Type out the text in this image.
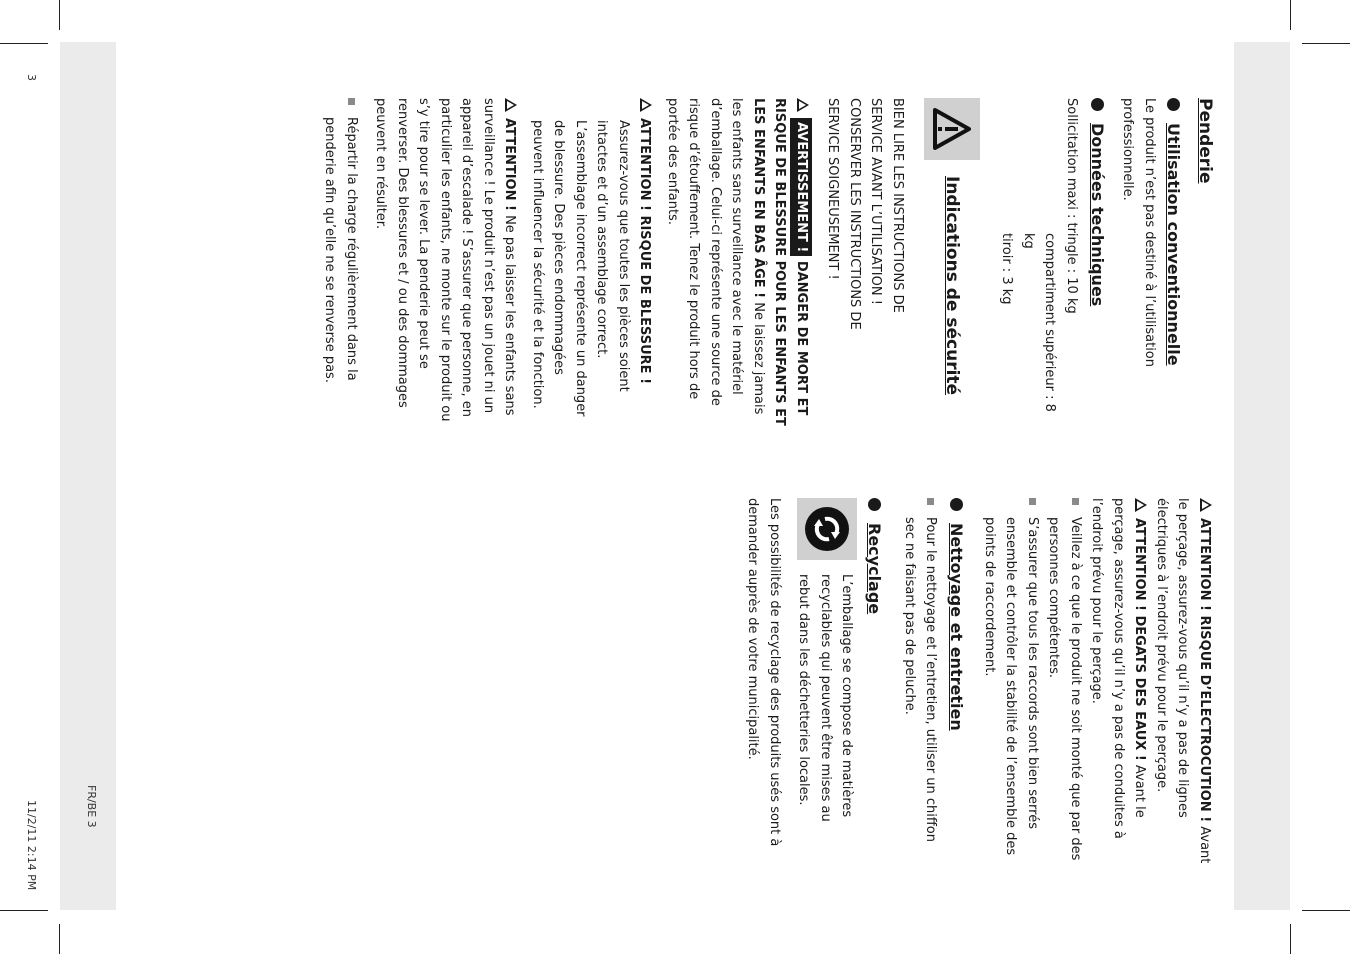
3
FR/BE 3
11/2/11 2:14 PM

Penderie

Utilisation conventionnelle

Le produit n’est pas destiné à l’utilisation professionnelle.

Données techniques

Sollicitation maxi : tringle : 10 kg

compartiment supérieur : 8 kg

tiroir : 3 kg

Indications de sécurité

BIEN LIRE LES INSTRUCTIONS DE

SERVICE AVANT L’UTILISATION !

CONSERVER LES INSTRUCTIONS DE

SERVICE SOIGNEUSEMENT !

AVERTISSEMENT ! DANGER DE MORT ET RISQUE DE BLESSURE POUR LES ENFANTS ET LES ENFANTS EN BAS ÂGE ! Ne laissez jamais les enfants sans surveillance avec le matériel d’emballage. Celui-ci représente une source de risque d’étouffement. Tenez le produit hors de portée des enfants.

ATTENTION ! RISQUE DE BLESSURE !

Assurez-vous que toutes les pièces soient intactes et d’un assemblage correct. L’assemblage incorrect représente un danger de blessure. Des pièces endommagées peuvent influencer la sécurité et la fonction.

ATTENTION ! Ne pas laisser les enfants sans surveillance ! Le produit n’est pas un jouet ni un appareil d’escalade ! S’assurer que personne, en particulier les enfants, ne monte sur le produit ou s’y tire pour se lever. La penderie peut se renverser. Des blessures et / ou des dommages peuvent en résulter.

Répartir la charge régulièrement dans la penderie afin qu’elle ne se renverse pas.

ATTENTION ! RISQUE D’ELECTROCUTION ! Avant le perçage, assurez-vous qu’il n’y a pas de lignes électriques à l’endroit prévu pour le perçage.

ATTENTION ! DEGATS DES EAUX ! Avant le perçage, assurez-vous qu’il n’y a pas de conduites à l’endroit prévu pour le perçage.

Veillez à ce que le produit ne soit monté que par des personnes compétentes.
S’assurer que tous les raccords sont bien serrés ensemble et contrôler la stabilité de l’ensemble des points de raccordement.

Nettoyage et entretien

Pour le nettoyage et l’entretien, utiliser un chiffon sec ne faisant pas de peluche.

Recyclage

L’emballage se compose de matières recyclables qui peuvent être mises au rebut dans les déchetteries locales.

Les possibilités de recyclage des produits usés sont à demander auprès de votre municipalité.
